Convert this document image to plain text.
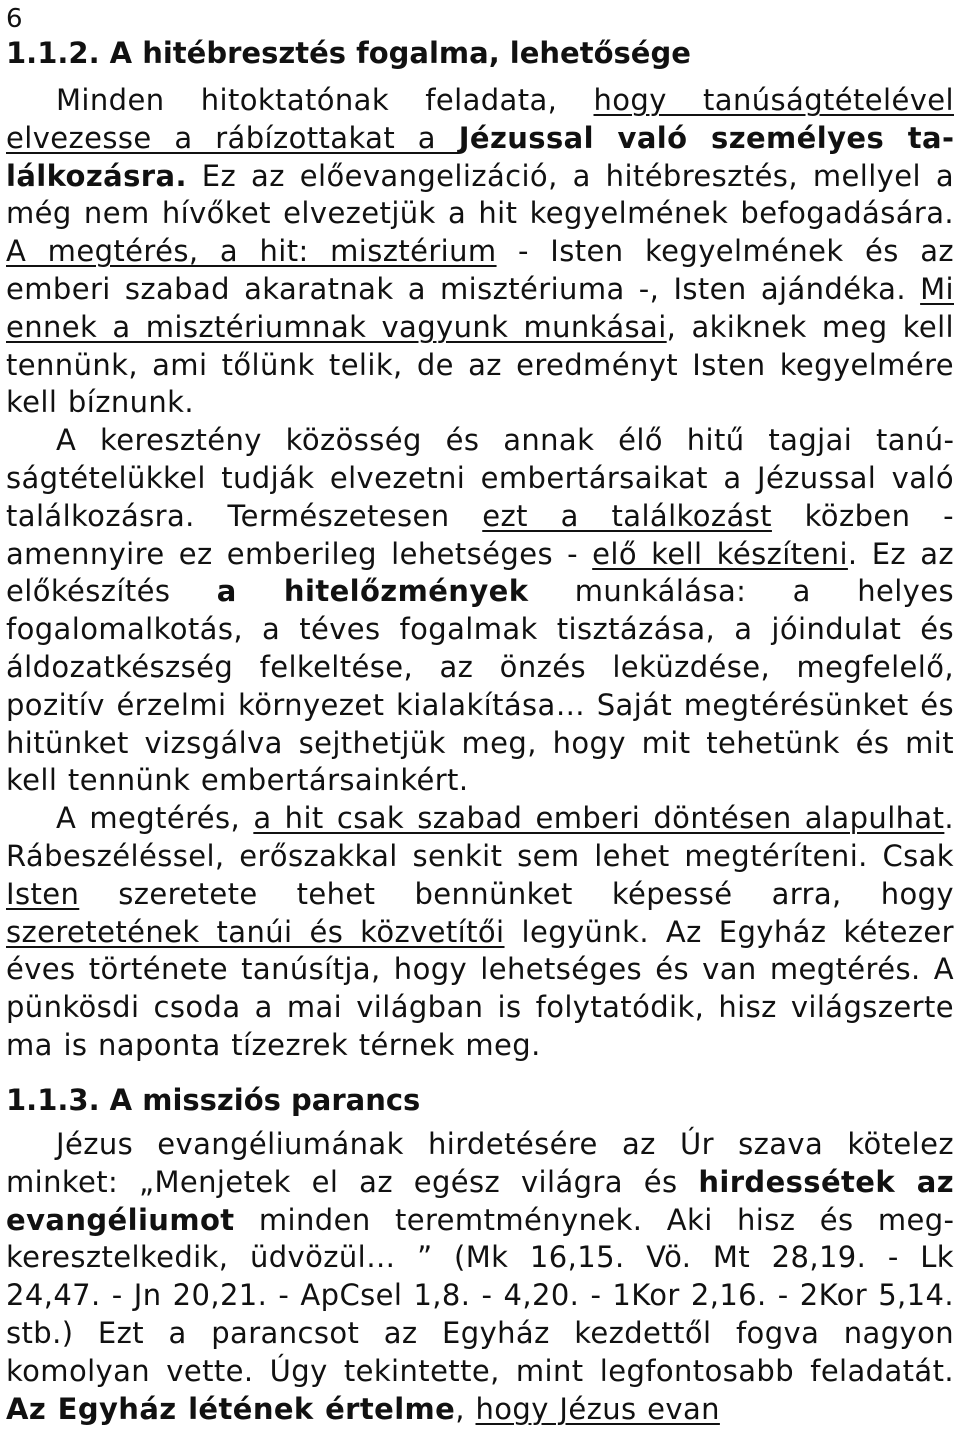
6
1.1.2. A hitébresztés fogalma, lehetősége

Minden hitoktatónak feladata, hogy tanúságtételével elvezesse a rábízottakat a Jézussal való személyes találkozásra. Ez az előevangelizáció, a hitébresztés, mellyel a még nem hívőket elvezetjük a hit kegyelmének befogadására. A megtérés, a hit: misztérium - Isten kegyelmének és az emberi szabad akaratnak a misztériuma -, Isten ajándéka. Mi ennek a misztériumnak vagyunk munkásai, akiknek meg kell tennünk, ami tőlünk telik, de az eredményt Isten kegyelmére kell bíznunk.
A keresztény közösség és annak élő hitű tagjai tanúságtételükkel tudják elvezetni embertársaikat a Jézussal való találkozásra. Természetesen ezt a találkozást közben - amennyire ez emberileg lehetséges - elő kell készíteni. Ez az előkészítés a hitelőzmények munkálása: a helyes fogalomalkotás, a téves fogalmak tisztázása, a jóindulat és áldozatkészség felkeltése, az önzés leküzdése, megfelelő, pozitív érzelmi környezet kialakítása… Saját megtérésünket és hitünket vizsgálva sejthetjük meg, hogy mit tehetünk és mit kell tennünk embertársainkért.
A megtérés, a hit csak szabad emberi döntésen alapulhat. Rábeszéléssel, erőszakkal senkit sem lehet megtéríteni. Csak Isten szeretete tehet bennünket képessé arra, hogy szeretetének tanúi és közvetítői legyünk. Az Egyház kétezer éves története tanúsítja, hogy lehetséges és van megtérés. A pünkösdi csoda a mai világban is folytatódik, hisz világszerte ma is naponta tízezrek térnek meg.

1.1.3. A missziós parancs

Jézus evangéliumának hirdetésére az Úr szava kötelez minket: „Menjetek el az egész világra és hirdessétek az evangéliumot minden teremtménynek. Aki hisz és megkeresztelkedik, üdvözül… ” (Mk 16,15. Vö. Mt 28,19. - Lk 24,47. - Jn 20,21. - ApCsel 1,8. - 4,20. - 1Kor 2,16. - 2Kor 5,14. stb.) Ezt a parancsot az Egyház kezdettől fogva nagyon komolyan vette. Úgy tekintette, mint legfontosabb feladatát. Az Egyház létének értelme, hogy Jézus evan
